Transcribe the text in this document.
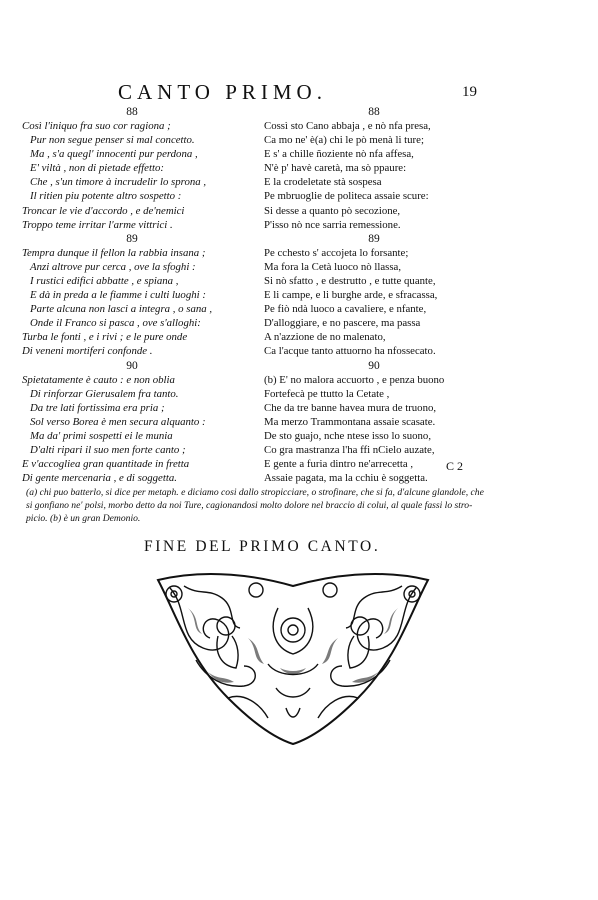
CANTO PRIMO.	19
88
Così l'iniquo fra suo cor ragiona ;
Pur non segue penser si mal concetto.
Ma , s'a quegl' innocenti pur perdona ,
E' viltà , non di pietade effetto:
Che , s'un timore à incrudelir lo sprona ,
Il ritien piu potente altro sospetto :
Troncar le vie d'accordo , e de'nemici
Troppo teme irritar l'arme vittrici .
89
Tempra dunque il fellon la rabbia insana ;
Anzi altrove pur cerca , ove la sfoghi :
I rustici edifici abbatte , e spiana ,
E dà in preda a le fiamme i culti luoghi :
Parte alcuna non lasci a integra , o sana ,
Onde il Franco si pasca , ove s'alloghi:
Turba le fonti , e i rivi ; e le pure onde
Di veneni mortiferi confonde .
90
Spietatamente è cauto : e non oblia
Di rinforzar Gierusalem fra tanto.
Da tre lati fortissima era pria ;
Sol verso Borea è men secura alquanto :
Ma da' primi sospetti ei le munia
D'alti ripari il suo men forte canto ;
E v'accoglieа gran quantitade in fretta
Di gente mercenaria , e di soggetta.
88
Cossì sto Cano abbaja , e nò nfa presa,
Ca mo ne' è(a) chi le pò menà li ture;
E s' a chille ñoziente nò nfa affesa,
N'è p' havè caretà, ma sò ppaure:
E la crodeletate stà sospesa
Pe mbruoglie de politeca assaie scure:
Si desse a quanto pò secozione,
P'isso nò nce sarria remessione.
89
Pe cchesto s' accojeta lo forsante;
Ma fora la Cetà luoco nò llassa,
Si nò sfatto , e destrutto , e tutte quante,
E li campe, e li burghe arde, e sfracassa,
Pe fiò ndà luoco a cavaliere, e nfante,
D'alloggiare, e no pascere, ma passa
A n'azzione de no malenato,
Ca l'acque tanto attuorno ha nfossecato.
90
(b) E' no malora accuorto , e penza buono
Fortefecà pe ttutto la Cetate ,
Che da tre banne havea mura de truono,
Ma merzo Trammontana assaie scasate.
De sto guajo, nche ntese isso lo suono,
Co gra mastranza l'ha ffi nCielo auzate,
E gente a furia dintro ne'arrecetta ,
Assaie pagata, ma la cchiu è soggetta.
C 2
(a) chi puo batterlo, si dice per metaph. e diciamo cosi dallo stropicciare, o strofinare, che si fa, d'alcune glandole, che
si gonfiano ne' polsi, morbo detto da noi Ture, cagionandosi molto dolore nel braccio di colui, al quale fassi lo stro-
picio. (b) è un gran Demonio.
FINE DEL PRIMO CANTO.
